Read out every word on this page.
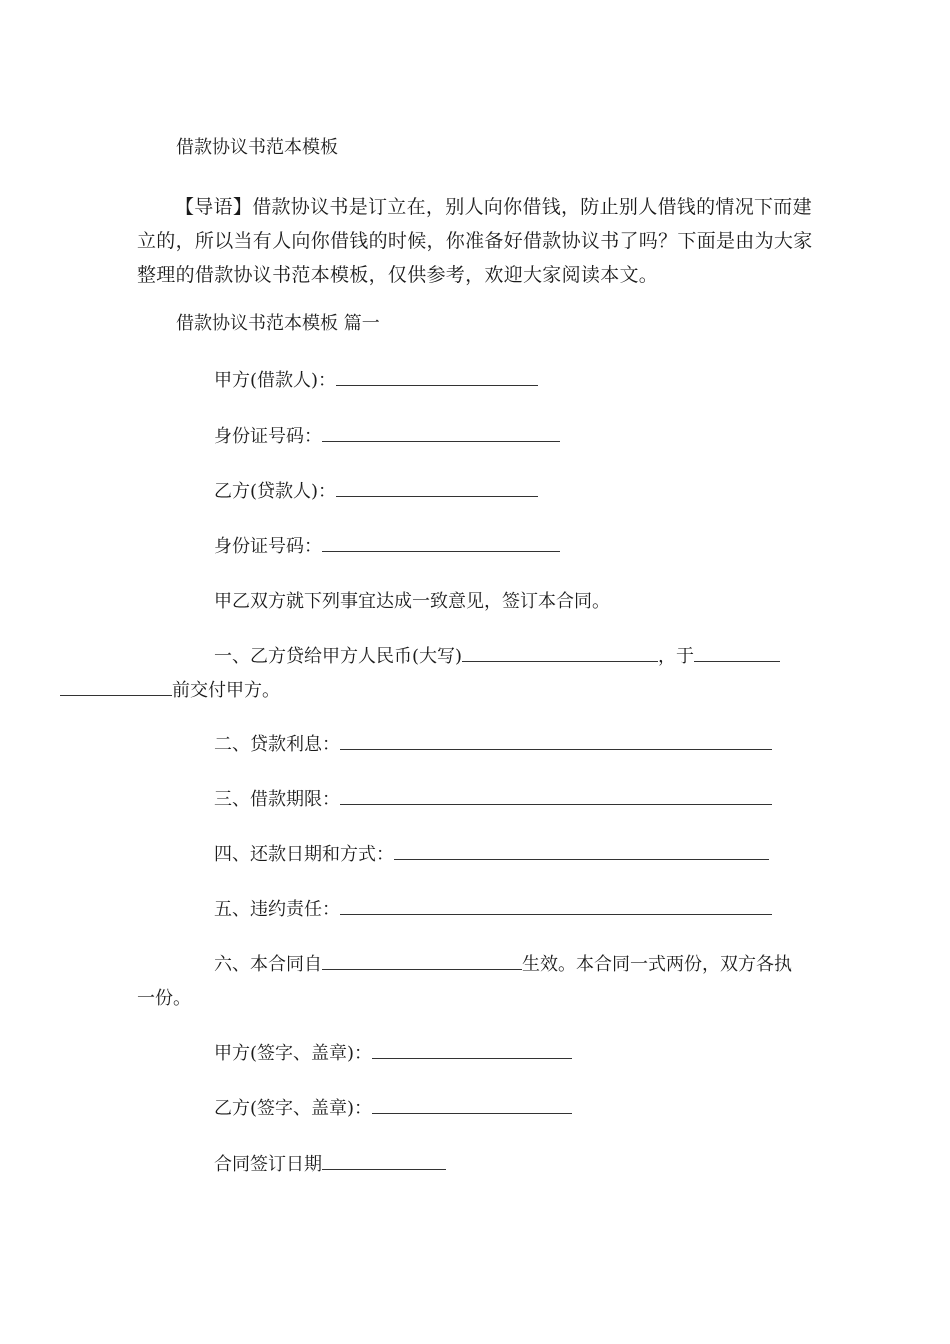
借款协议书范本模板
【导语】借款协议书是订立在，别人向你借钱，防止别人借钱的情况下而建立的，所以当有人向你借钱的时候，你准备好借款协议书了吗？下面是由为大家整理的借款协议书范本模板，仅供参考，欢迎大家阅读本文。
借款协议书范本模板 篇一
甲方(借款人)：
身份证号码：
乙方(贷款人)：
身份证号码：
甲乙双方就下列事宜达成一致意见，签订本合同。
一、乙方贷给甲方人民币(大写)	，于
前交付甲方。
二、贷款利息：
三、借款期限：
四、还款日期和方式：
五、违约责任：
六、本合同自	生效。本合同一式两份，双方各执一份。
甲方(签字、盖章)：
乙方(签字、盖章)：
合同签订日期
